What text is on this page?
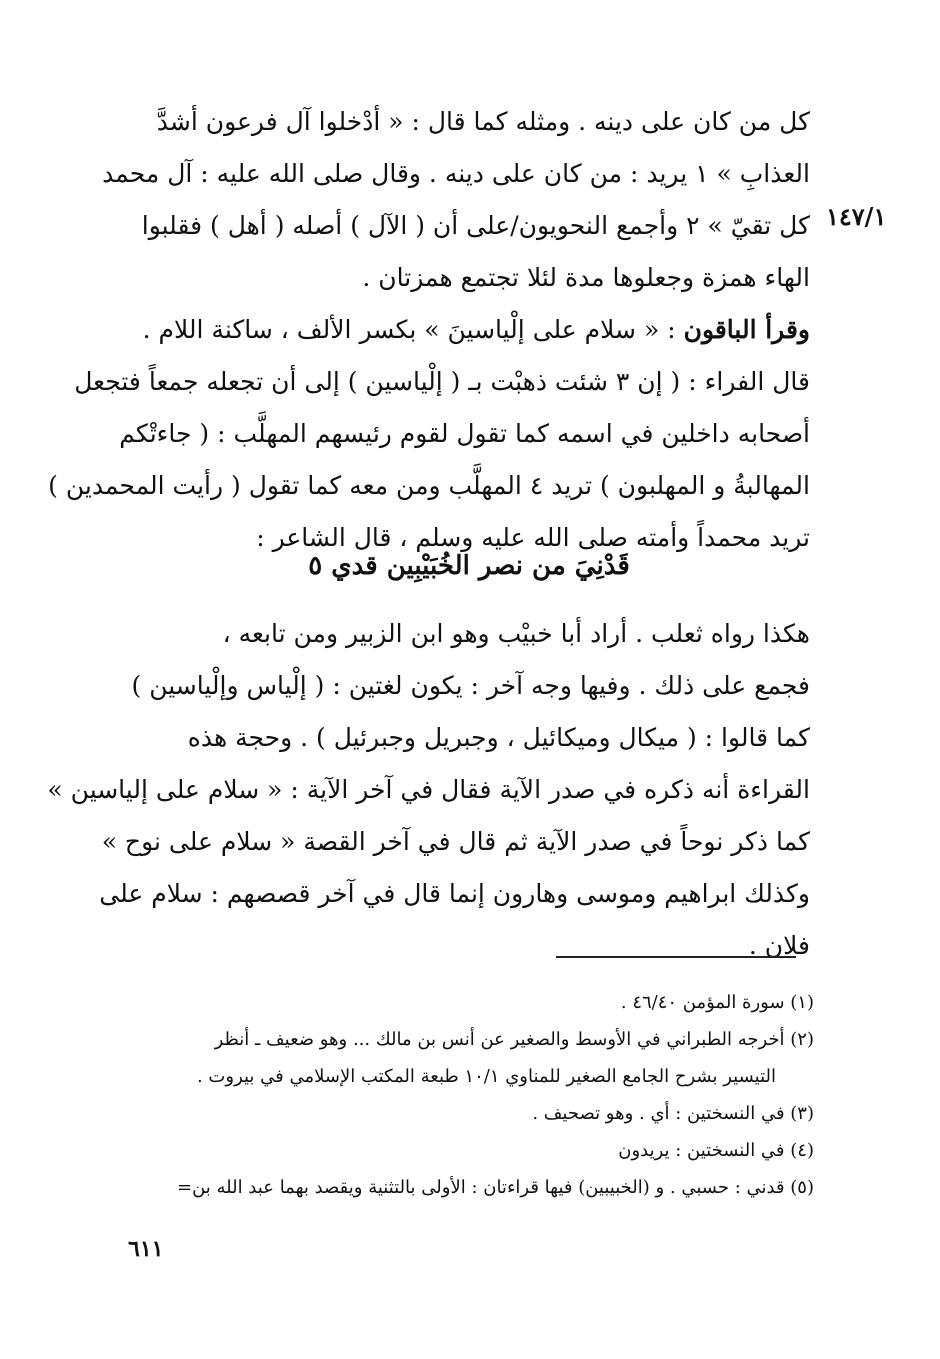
١٤٧/١
كل من كان على دينه . ومثله كما قال : « أدْخلوا آل فرعون أشدَّ
العذابِ » ١ يريد : من كان على دينه . وقال صلى الله عليه : آل محمد
كل تقيّ » ٢ وأجمع النحويون/على أن ( الآل ) أصله ( أهل ) فقلبوا
الهاء همزة وجعلوها مدة لئلا تجتمع همزتان .
وقرأ الباقون : « سلام على إلْياسينَ » بكسر الألف ، ساكنة اللام .
قال الفراء : ( إن ٣ شئت ذهبْت بـ ( إلْياسين ) إلى أن تجعله جمعاً فتجعل
أصحابه داخلين في اسمه كما تقول لقوم رئيسهم المهلَّب : ( جاءتْكم
المهالبةُ و المهلبون ) تريد ٤ المهلَّب ومن معه كما تقول ( رأيت المحمدين )
تريد محمداً وأمته صلى الله عليه وسلم ، قال الشاعر :
قَدْنِيَ من نصر الخُبَيْبِين قدي ٥
هكذا رواه ثعلب . أراد أبا خبيْب وهو ابن الزبير ومن تابعه ،
فجمع على ذلك . وفيها وجه آخر : يكون لغتين : ( إلْياس وإلْياسين )
كما قالوا : ( ميكال وميكائيل ، وجبريل وجبرئيل ) . وحجة هذه
القراءة أنه ذكره في صدر الآية فقال في آخر الآية : « سلام على إلياسين »
كما ذكر نوحاً في صدر الآية ثم قال في آخر القصة « سلام على نوح »
وكذلك ابراهيم وموسى وهارون إنما قال في آخر قصصهم : سلام على
فلان .
(١) سورة المؤمن ٤٦/٤٠ .
(٢) أخرجه الطبراني في الأوسط والصغير عن أنس بن مالك ... وهو ضعيف ـ أنظر
التيسير بشرح الجامع الصغير للمناوي ١٠/١ طبعة المكتب الإسلامي في بيروت .
(٣) في النسختين : أي . وهو تصحيف .
(٤) في النسختين : يريدون
(٥) قدني : حسبي . و (الخبيبين) فيها قراءتان : الأولى بالتثنية ويقصد بهما عبد الله بن=
٦١١
